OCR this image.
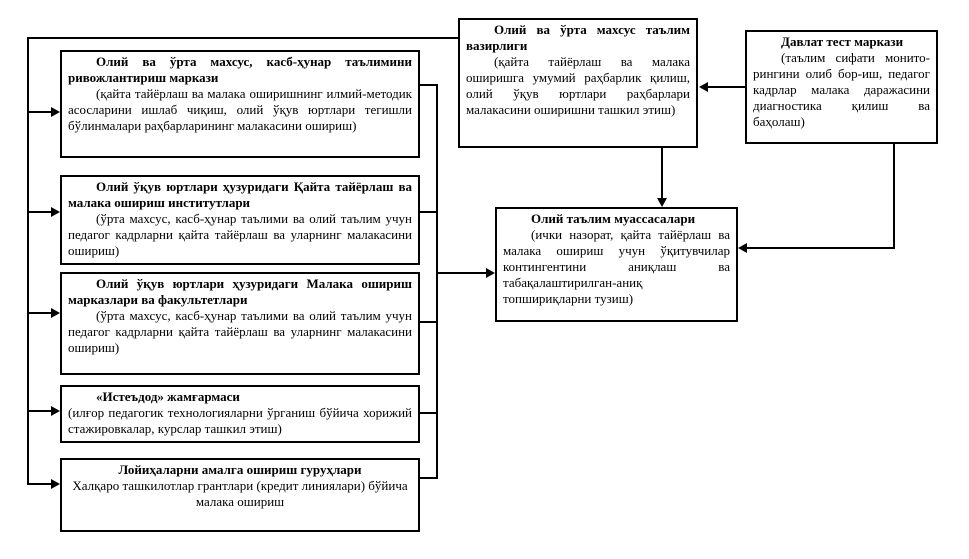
Олий ва ўрта махсус, касб-ҳунар таълимини ривожлантириш маркази

(қайта тайёрлаш ва малака оширишнинг илмий-методик асосларини ишлаб чиқиш, олий ўқув юртлари тегишли бўлинмалари раҳбарларининг малакасини ошириш)

Олий ўқув юртлари ҳузуридаги Қайта тайёрлаш ва малака ошириш институтлари

(ўрта махсус, касб-ҳунар таълими ва олий таълим учун педагог кадрларни қайта тайёрлаш ва уларнинг малакасини ошириш)

Олий ўқув юртлари ҳузуридаги Малака ошириш марказлари ва факультетлари

(ўрта махсус, касб-ҳунар таълими ва олий таълим учун педагог кадрларни қайта тайёрлаш ва уларнинг малакасини ошириш)

«Истеъдод» жамғармаси

(илғор педагогик технологияларни ўрганиш бўйича хорижий стажировкалар, курслар ташкил этиш)

Лойиҳаларни амалга ошириш гуруҳлари

Халқаро ташкилотлар грантлари (кредит линиялари) бўйича малака ошириш

Олий ва ўрта махсус таълим вазирлиги

(қайта тайёрлаш ва малака оширишга умумий раҳбарлик қилиш, олий ўқув юртлари раҳбарлари малакасини оширишни ташкил этиш)

Давлат тест маркази

(таълим сифати монито-рингини олиб бор-иш, педагог кадрлар малака даражасини диагностика қилиш ва баҳолаш)

Олий таълим муассасалари

(ички назорат, қайта тайёрлаш ва малака ошириш учун ўқитувчилар контингентини аниқлаш ва табақалаштирилган-аниқ топшириқларни тузиш)
